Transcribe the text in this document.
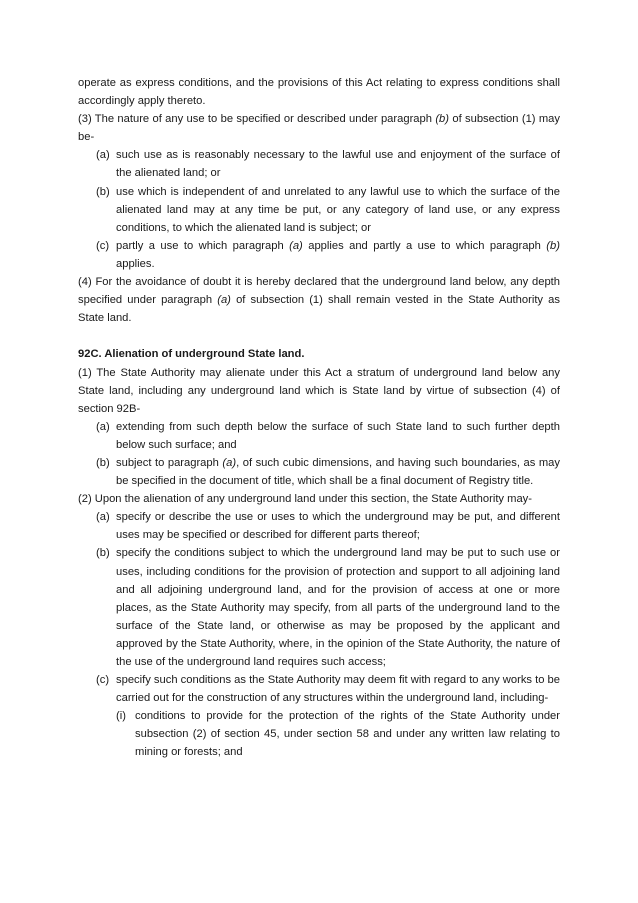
operate as express conditions, and the provisions of this Act relating to express conditions shall accordingly apply thereto.

(3) The nature of any use to be specified or described under paragraph (b) of subsection (1) may be-

(a) such use as is reasonably necessary to the lawful use and enjoyment of the surface of the alienated land; or

(b) use which is independent of and unrelated to any lawful use to which the surface of the alienated land may at any time be put, or any category of land use, or any express conditions, to which the alienated land is subject; or

(c) partly a use to which paragraph (a) applies and partly a use to which paragraph (b) applies.

(4) For the avoidance of doubt it is hereby declared that the underground land below, any depth specified under paragraph (a) of subsection (1) shall remain vested in the State Authority as State land.

92C. Alienation of underground State land.

(1) The State Authority may alienate under this Act a stratum of underground land below any State land, including any underground land which is State land by virtue of subsection (4) of section 92B-

(a) extending from such depth below the surface of such State land to such further depth below such surface; and

(b) subject to paragraph (a), of such cubic dimensions, and having such boundaries, as may be specified in the document of title, which shall be a final document of Registry title.

(2) Upon the alienation of any underground land under this section, the State Authority may-

(a) specify or describe the use or uses to which the underground may be put, and different uses may be specified or described for different parts thereof;

(b) specify the conditions subject to which the underground land may be put to such use or uses, including conditions for the provision of protection and support to all adjoining land and all adjoining underground land, and for the provision of access at one or more places, as the State Authority may specify, from all parts of the underground land to the surface of the State land, or otherwise as may be proposed by the applicant and approved by the State Authority, where, in the opinion of the State Authority, the nature of the use of the underground land requires such access;

(c) specify such conditions as the State Authority may deem fit with regard to any works to be carried out for the construction of any structures within the underground land, including-

(i) conditions to provide for the protection of the rights of the State Authority under subsection (2) of section 45, under section 58 and under any written law relating to mining or forests; and
